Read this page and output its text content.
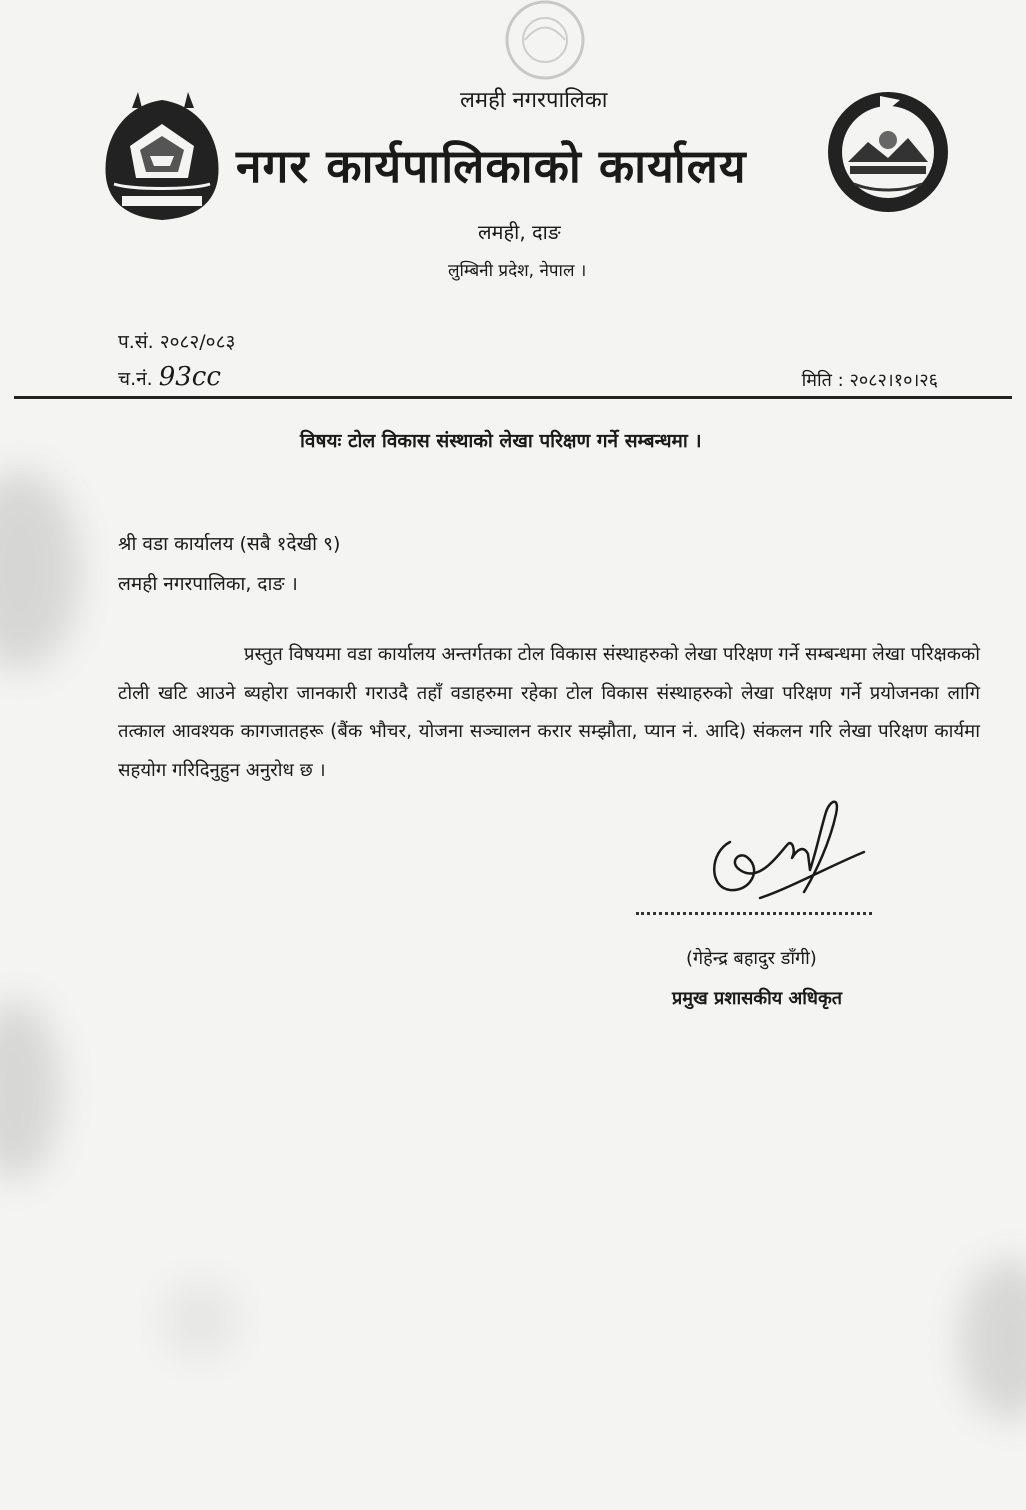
लमही नगरपालिका
नगर कार्यपालिकाको कार्यालय
लमही, दाङ
लुम्बिनी प्रदेश, नेपाल ।
प.सं. २०८२/०८३
च.नं. 93cc	मिति : २०८२।१०।२६
विषयः टोल विकास संस्थाको लेखा परिक्षण गर्ने सम्बन्धमा ।
श्री वडा कार्यालय (सबै १देखी ९)
लमही नगरपालिका, दाङ ।
प्रस्तुत विषयमा वडा कार्यालय अन्तर्गतका टोल विकास संस्थाहरुको लेखा परिक्षण गर्ने सम्बन्धमा लेखा परिक्षकको टोली खटि आउने ब्यहोरा जानकारी गराउदै तहाँ वडाहरुमा रहेका टोल विकास संस्थाहरुको लेखा परिक्षण गर्ने प्रयोजनका लागि तत्काल आवश्यक कागजातहरू (बैंक भौचर, योजना सञ्चालन करार सम्झौता, प्यान नं. आदि) संकलन गरि लेखा परिक्षण कार्यमा सहयोग गरिदिनुहुन अनुरोध छ ।
(गेहेन्द्र बहादुर डाँगी)
प्रमुख प्रशासकीय अधिकृत
